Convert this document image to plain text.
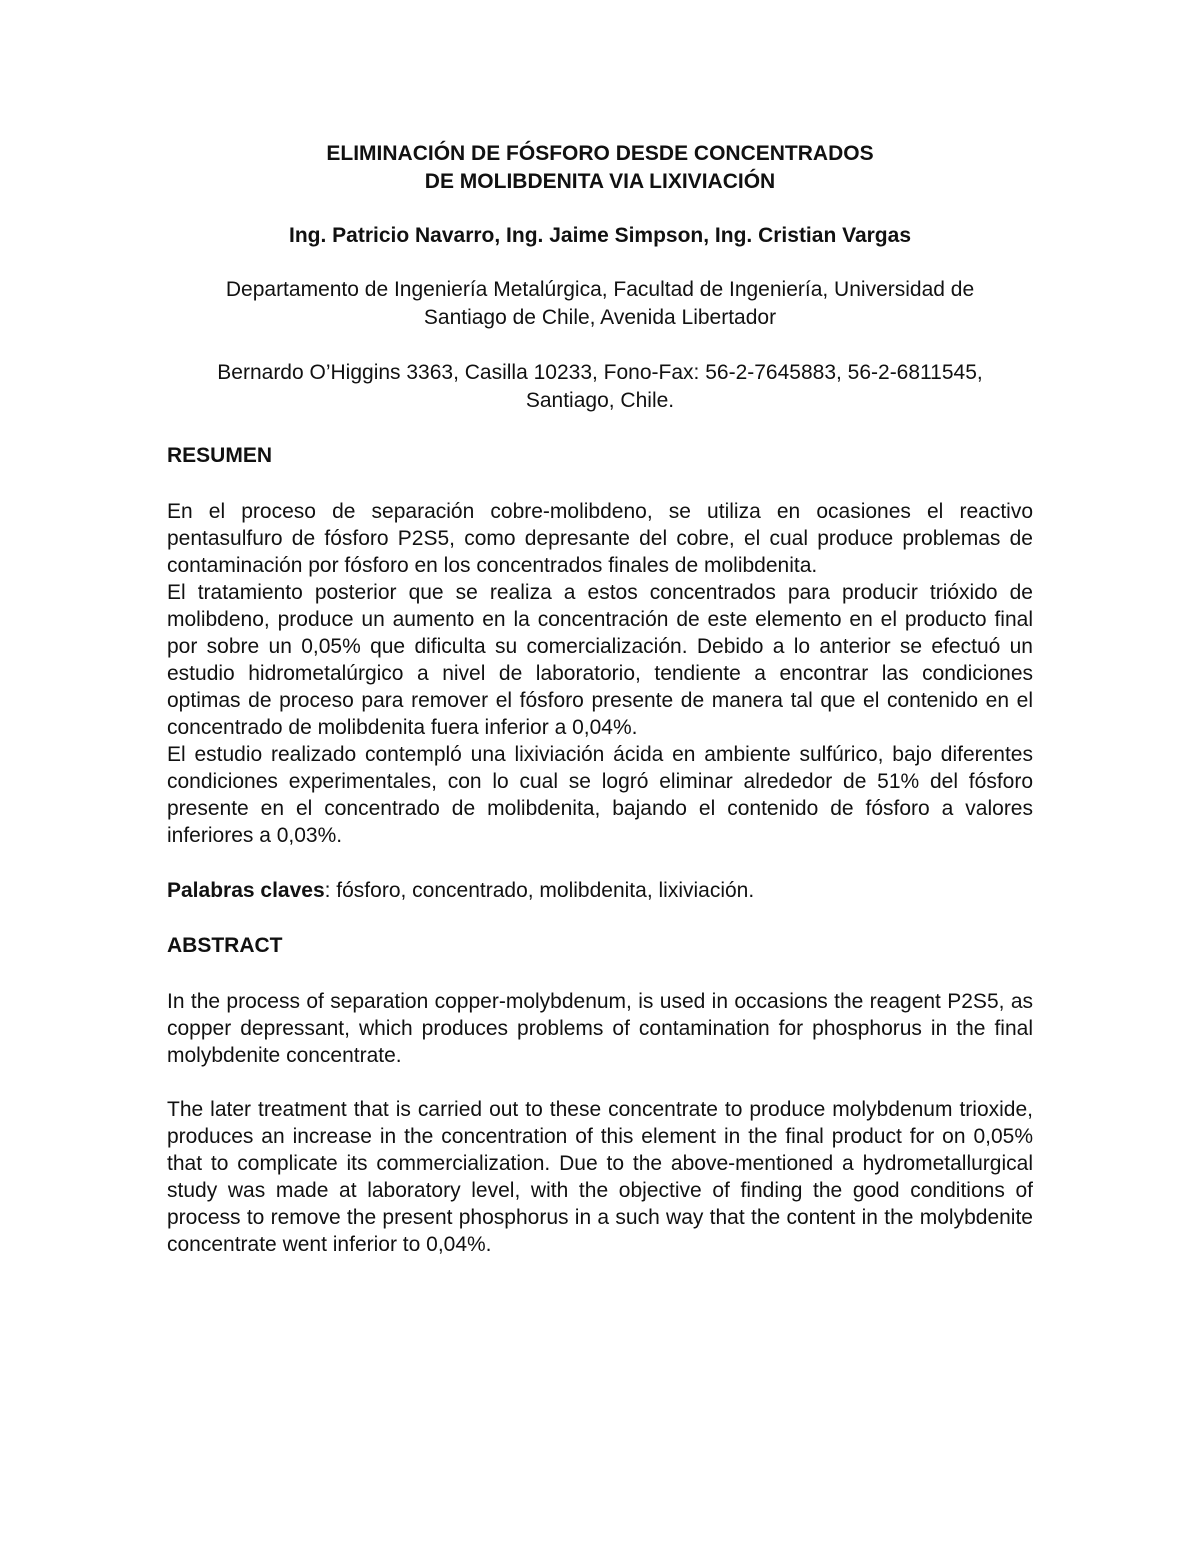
ELIMINACIÓN DE FÓSFORO DESDE CONCENTRADOS
DE MOLIBDENITA VIA LIXIVIACIÓN

Ing. Patricio Navarro, Ing. Jaime Simpson, Ing. Cristian Vargas

Departamento de Ingeniería Metalúrgica, Facultad de Ingeniería, Universidad de
Santiago de Chile, Avenida Libertador

Bernardo O’Higgins 3363, Casilla 10233, Fono-Fax: 56-2-7645883, 56-2-6811545,
Santiago, Chile.

RESUMEN

En el proceso de separación cobre-molibdeno, se utiliza en ocasiones el reactivo pentasulfuro de fósforo P2S5, como depresante del cobre, el cual produce problemas de contaminación por fósforo en los concentrados finales de molibdenita.

El tratamiento posterior que se realiza a estos concentrados para producir trióxido de molibdeno, produce un aumento en la concentración de este elemento en el producto final por sobre un 0,05% que dificulta su comercialización. Debido a lo anterior se efectuó un estudio hidrometalúrgico a nivel de laboratorio, tendiente a encontrar las condiciones optimas de proceso para remover el fósforo presente de manera tal que el contenido en el concentrado de molibdenita fuera inferior a 0,04%.

El estudio realizado contempló una lixiviación ácida en ambiente sulfúrico, bajo diferentes condiciones experimentales, con lo cual se logró eliminar alrededor de 51% del fósforo presente en el concentrado de molibdenita, bajando el contenido de fósforo a valores inferiores a 0,03%.

Palabras claves: fósforo, concentrado, molibdenita, lixiviación.

ABSTRACT

In the process of separation copper-molybdenum, is used in occasions the reagent P2S5, as copper depressant, which produces problems of contamination for phosphorus in the final molybdenite concentrate.

The later treatment that is carried out to these concentrate to produce molybdenum trioxide, produces an increase in the concentration of this element in the final product for on 0,05% that to complicate its commercialization. Due to the above-mentioned a hydrometallurgical study was made at laboratory level, with the objective of finding the good conditions of process to remove the present phosphorus in a such way that the content in the molybdenite concentrate went inferior to 0,04%.
